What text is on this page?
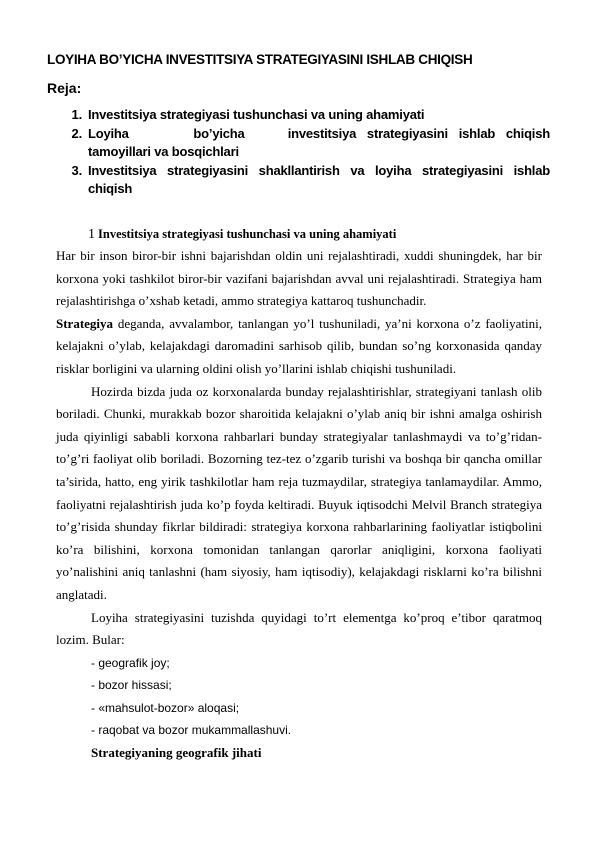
LOYIHA BO’YICHA INVESTITSIYA STRATEGIYASINI ISHLAB CHIQISH
Reja:
1. Investitsiya strategiyasi tushunchasi va uning ahamiyati
2. Loyiha      bo’yicha    investitsiya strategiyasini ishlab chiqish
tamoyillari va bosqichlari
3. Investitsiya strategiyasini shakllantirish va loyiha strategiyasini ishlab
chiqish
1 Investitsiya strategiyasi tushunchasi va uning ahamiyati

Har bir inson biror-bir ishni bajarishdan oldin uni rejalashtiradi, xuddi shuningdek, har bir korxona yoki tashkilot biror-bir vazifani bajarishdan avval uni rejalashtiradi. Strategiya ham rejalashtirishga o’xshab ketadi, ammo strategiya kattaroq tushunchadir.

Strategiya deganda, avvalambor, tanlangan yo’l tushuniladi, ya’ni korxona o’z faoliyatini, kelajakni o’ylab, kelajakdagi daromadini sarhisob qilib, bundan so’ng korxonasida qanday risklar borligini va ularning oldini olish yo’llarini ishlab chiqishi tushuniladi.

Hozirda bizda juda oz korxonalarda bunday rejalashtirishlar, strategiyani tanlash olib boriladi. Chunki, murakkab bozor sharoitida kelajakni o’ylab aniq bir ishni amalga oshirish juda qiyinligi sababli korxona rahbarlari bunday strategiyalar tanlashmaydi va to’g’ridan-to’g’ri faoliyat olib boriladi. Bozorning tez-tez o’zgarib turishi va boshqa bir qancha omillar ta’sirida, hatto, eng yirik tashkilotlar ham reja tuzmaydilar, strategiya tanlamaydilar. Ammo, faoliyatni rejalashtirish juda ko’p foyda keltiradi. Buyuk iqtisodchi Melvil Branch strategiya to’g’risida shunday fikrlar bildiradi: strategiya korxona rahbarlarining faoliyatlar istiqbolini ko’ra bilishini, korxona tomonidan tanlangan qarorlar aniqligini, korxona faoliyati yo’nalishini aniq tanlashni (ham siyosiy, ham iqtisodiy), kelajakdagi risklarni ko’ra bilishni anglatadi.

Loyiha strategiyasini tuzishda quyidagi to’rt elementga ko’proq e’tibor qaratmoq lozim. Bular:

- geografik joy;

- bozor hissasi;

- «mahsulot-bozor» aloqasi;

- raqobat va bozor mukammallashuvi.

Strategiyaning geografik jihati
